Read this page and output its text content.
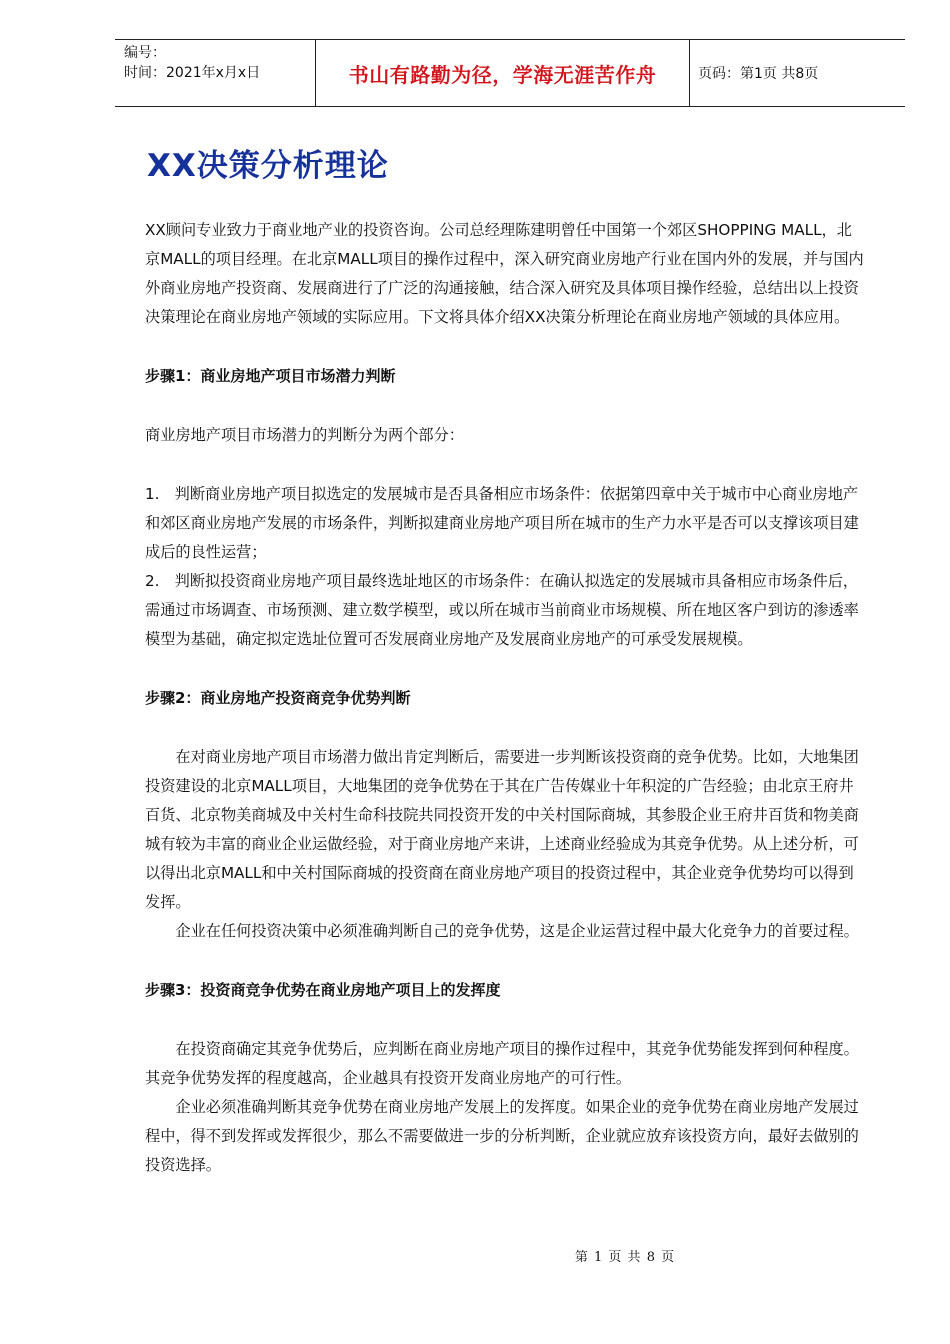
编号：
时间：2021年x月x日	书山有路勤为径，学海无涯苦作舟	页码：第1页 共8页
XX决策分析理论

XX顾问专业致力于商业地产业的投资咨询。公司总经理陈建明曾任中国第一个郊区SHOPPING MALL，北京MALL的项目经理。在北京MALL项目的操作过程中，深入研究商业房地产行业在国内外的发展，并与国内外商业房地产投资商、发展商进行了广泛的沟通接触，结合深入研究及具体项目操作经验，总结出以上投资决策理论在商业房地产领域的实际应用。下文将具体介绍XX决策分析理论在商业房地产领域的具体应用。

步骤1：商业房地产项目市场潜力判断

商业房地产项目市场潜力的判断分为两个部分：

1.　判断商业房地产项目拟选定的发展城市是否具备相应市场条件：依据第四章中关于城市中心商业房地产和郊区商业房地产发展的市场条件，判断拟建商业房地产项目所在城市的生产力水平是否可以支撑该项目建成后的良性运营；

2.　判断拟投资商业房地产项目最终选址地区的市场条件：在确认拟选定的发展城市具备相应市场条件后，需通过市场调查、市场预测、建立数学模型，或以所在城市当前商业市场规模、所在地区客户到访的渗透率模型为基础，确定拟定选址位置可否发展商业房地产及发展商业房地产的可承受发展规模。

步骤2：商业房地产投资商竞争优势判断

在对商业房地产项目市场潜力做出肯定判断后，需要进一步判断该投资商的竞争优势。比如，大地集团投资建设的北京MALL项目，大地集团的竞争优势在于其在广告传媒业十年积淀的广告经验；由北京王府井百货、北京物美商城及中关村生命科技院共同投资开发的中关村国际商城，其参股企业王府井百货和物美商城有较为丰富的商业企业运做经验，对于商业房地产来讲，上述商业经验成为其竞争优势。从上述分析，可以得出北京MALL和中关村国际商城的投资商在商业房地产项目的投资过程中，其企业竞争优势均可以得到发挥。

企业在任何投资决策中必须准确判断自己的竞争优势，这是企业运营过程中最大化竞争力的首要过程。

步骤3：投资商竞争优势在商业房地产项目上的发挥度

在投资商确定其竞争优势后，应判断在商业房地产项目的操作过程中，其竞争优势能发挥到何种程度。其竞争优势发挥的程度越高，企业越具有投资开发商业房地产的可行性。

企业必须准确判断其竞争优势在商业房地产发展上的发挥度。如果企业的竞争优势在商业房地产发展过程中，得不到发挥或发挥很少，那么不需要做进一步的分析判断，企业就应放弃该投资方向，最好去做别的投资选择。

第 1 页 共 8 页
